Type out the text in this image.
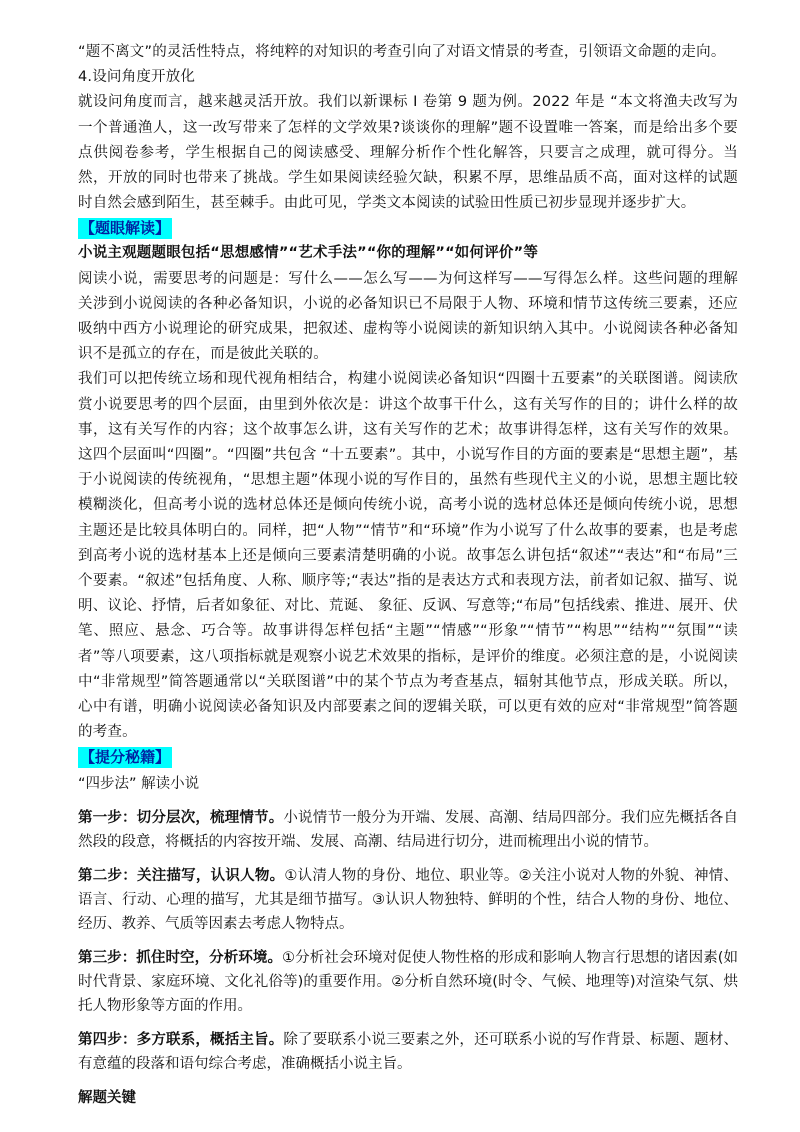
“题不离文”的灵活性特点，将纯粹的对知识的考查引向了对语文情景的考查，引领语文命题的走向。

4.设问角度开放化

就设问角度而言，越来越灵活开放。我们以新课标 I 卷第 9 题为例。2022 年是 “本文将渔夫改写为一个普通渔人，这一改写带来了怎样的文学效果?谈谈你的理解”题不设置唯一答案，而是给出多个要点供阅卷参考，学生根据自己的阅读感受、理解分析作个性化解答，只要言之成理，就可得分。当然，开放的同时也带来了挑战。学生如果阅读经验欠缺，积累不厚，思维品质不高，面对这样的试题时自然会感到陌生，甚至棘手。由此可见，学类文本阅读的试验田性质已初步显现并逐步扩大。

【题眼解读】

小说主观题题眼包括“思想感情”“艺术手法”“你的理解”“如何评价”等

阅读小说，需要思考的问题是：写什么——怎么写——为何这样写——写得怎么样。这些问题的理解关涉到小说阅读的各种必备知识，小说的必备知识已不局限于人物、环境和情节这传统三要素，还应吸纳中西方小说理论的研究成果，把叙述、虚构等小说阅读的新知识纳入其中。小说阅读各种必备知识不是孤立的存在，而是彼此关联的。

我们可以把传统立场和现代视角相结合，构建小说阅读必备知识“四圈十五要素”的关联图谱。阅读欣赏小说要思考的四个层面，由里到外依次是：讲这个故事干什么，这有关写作的目的；讲什么样的故事，这有关写作的内容；这个故事怎么讲，这有关写作的艺术；故事讲得怎样，这有关写作的效果。这四个层面叫“四圈”。“四圈”共包含 “十五要素”。其中，小说写作目的方面的要素是“思想主题”，基于小说阅读的传统视角，“思想主题”体现小说的写作目的，虽然有些现代主义的小说，思想主题比较模糊淡化，但高考小说的选材总体还是倾向传统小说，高考小说的选材总体还是倾向传统小说，思想主题还是比较具体明白的。同样，把“人物”“情节”和“环境”作为小说写了什么故事的要素，也是考虑到高考小说的选材基本上还是倾向三要素清楚明确的小说。故事怎么讲包括“叙述”“表达”和“布局”三个要素。“叙述”包括角度、人称、顺序等;“表达”指的是表达方式和表现方法，前者如记叙、描写、说明、议论、抒情，后者如象征、对比、荒诞、 象征、反讽、写意等;“布局”包括线索、推进、展开、伏笔、照应、悬念、巧合等。故事讲得怎样包括“主题”“情感”“形象”“情节”“构思”“结构”“氛围”“读者”等八项要素，这八项指标就是观察小说艺术效果的指标，是评价的维度。必须注意的是，小说阅读中“非常规型”简答题通常以“关联图谱”中的某个节点为考查基点，辐射其他节点，形成关联。所以，心中有谱，明确小说阅读必备知识及内部要素之间的逻辑关联，可以更有效的应对“非常规型”简答题的考查。

【提分秘籍】

“四步法” 解读小说

第一步：切分层次，梳理情节。小说情节一般分为开端、发展、高潮、结局四部分。我们应先概括各自然段的段意，将概括的内容按开端、发展、高潮、结局进行切分，进而梳理出小说的情节。

第二步：关注描写，认识人物。①认清人物的身份、地位、职业等。②关注小说对人物的外貌、神情、语言、行动、心理的描写，尤其是细节描写。③认识人物独特、鲜明的个性，结合人物的身份、地位、经历、教养、气质等因素去考虑人物特点。

第三步：抓住时空，分析环境。①分析社会环境对促使人物性格的形成和影响人物言行思想的诸因素(如时代背景、家庭环境、文化礼俗等)的重要作用。②分析自然环境(时令、气候、地理等)对渲染气氛、烘托人物形象等方面的作用。

第四步：多方联系，概括主旨。除了要联系小说三要素之外，还可联系小说的写作背景、标题、题材、有意蕴的段落和语句综合考虑，准确概括小说主旨。

解题关键
